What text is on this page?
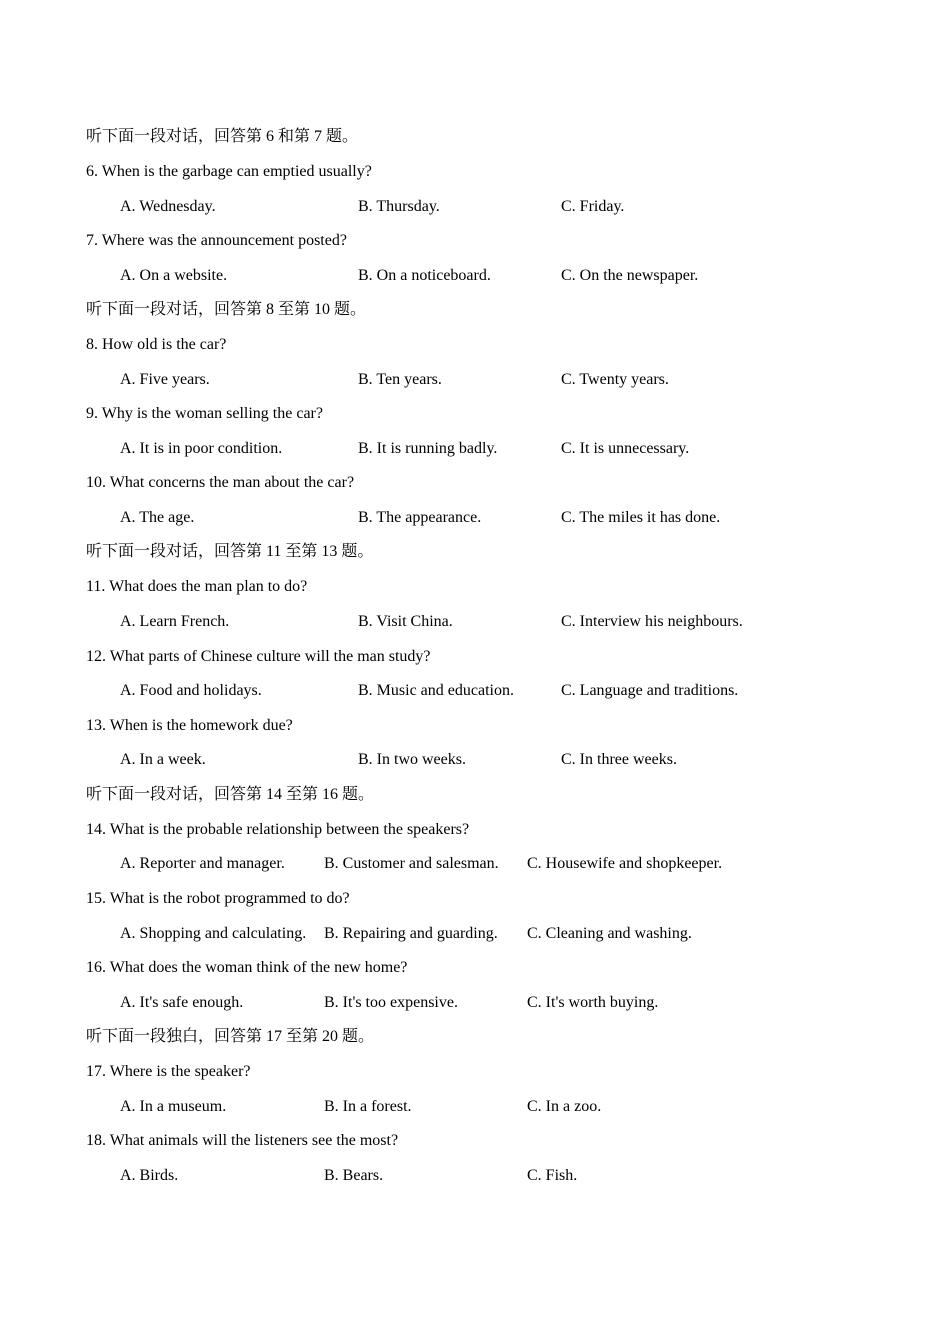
听下面一段对话，回答第 6 和第 7 题。
6. When is the garbage can emptied usually?
A. Wednesday.	B. Thursday.	C. Friday.
7. Where was the announcement posted?
A. On a website.	B. On a noticeboard.	C. On the newspaper.
听下面一段对话，回答第 8 至第 10 题。
8. How old is the car?
A. Five years.	B. Ten years.	C. Twenty years.
9. Why is the woman selling the car?
A. It is in poor condition.	B. It is running badly.	C. It is unnecessary.
10. What concerns the man about the car?
A. The age.	B. The appearance.	C. The miles it has done.
听下面一段对话，回答第 11 至第 13 题。
11. What does the man plan to do?
A. Learn French.	B. Visit China.	C. Interview his neighbours.
12. What parts of Chinese culture will the man study?
A. Food and holidays.	B. Music and education.	C. Language and traditions.
13. When is the homework due?
A. In a week.	B. In two weeks.	C. In three weeks.
听下面一段对话，回答第 14 至第 16 题。
14. What is the probable relationship between the speakers?
A. Reporter and manager. B. Customer and salesman. C. Housewife and shopkeeper.
15. What is the robot programmed to do?
A. Shopping and calculating. B. Repairing and guarding. C. Cleaning and washing.
16. What does the woman think of the new home?
A. It's safe enough.	B. It's too expensive.	C. It's worth buying.
听下面一段独白，回答第 17 至第 20 题。
17. Where is the speaker?
A. In a museum.	B. In a forest.	C. In a zoo.
18. What animals will the listeners see the most?
A. Birds.	B. Bears.	C. Fish.
